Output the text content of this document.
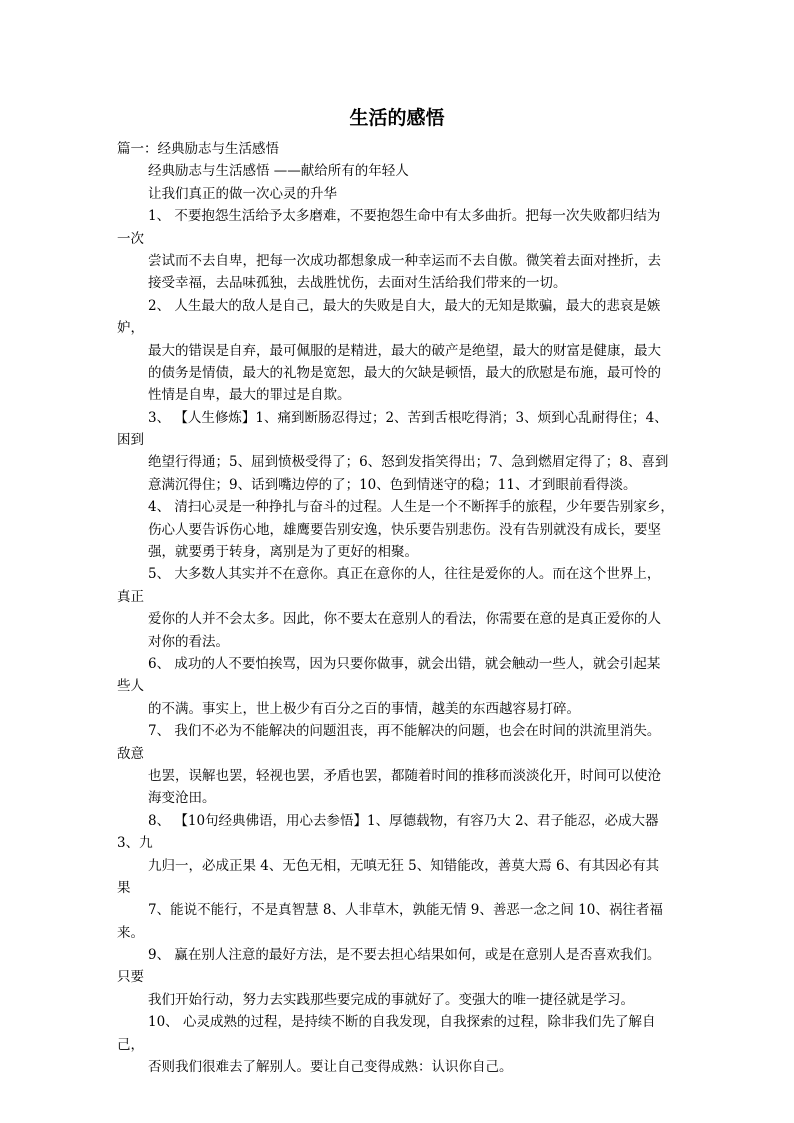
生活的感悟
篇一：经典励志与生活感悟
经典励志与生活感悟 ——献给所有的年轻人
让我们真正的做一次心灵的升华
1、 不要抱怨生活给予太多磨难，不要抱怨生命中有太多曲折。把每一次失败都归结为
一次
尝试而不去自卑，把每一次成功都想象成一种幸运而不去自傲。微笑着去面对挫折，去
接受幸福，去品味孤独，去战胜忧伤，去面对生活给我们带来的一切。
2、 人生最大的敌人是自己，最大的失败是自大，最大的无知是欺骗，最大的悲哀是嫉
妒，
最大的错误是自弃，最可佩服的是精进，最大的破产是绝望，最大的财富是健康，最大
的债务是情债，最大的礼物是宽恕，最大的欠缺是顿悟，最大的欣慰是布施，最可怜的
性情是自卑，最大的罪过是自欺。
3、 【人生修炼】1、痛到断肠忍得过；2、苦到舌根吃得消；3、烦到心乱耐得住；4、
困到
绝望行得通；5、屈到愤极受得了；6、怒到发指笑得出；7、急到燃眉定得了；8、喜到
意满沉得住；9、话到嘴边停的了；10、色到情迷守的稳；11、才到眼前看得淡。
4、 清扫心灵是一种挣扎与奋斗的过程。人生是一个不断挥手的旅程，少年要告别家乡，
伤心人要告诉伤心地，雄鹰要告别安逸，快乐要告别悲伤。没有告别就没有成长，要坚
强，就要勇于转身，离别是为了更好的相聚。
5、 大多数人其实并不在意你。真正在意你的人，往往是爱你的人。而在这个世界上，
真正
爱你的人并不会太多。因此，你不要太在意别人的看法，你需要在意的是真正爱你的人
对你的看法。
6、 成功的人不要怕挨骂，因为只要你做事，就会出错，就会触动一些人，就会引起某
些人
的不满。事实上，世上极少有百分之百的事情，越美的东西越容易打碎。
7、 我们不必为不能解决的问题沮丧，再不能解决的问题，也会在时间的洪流里消失。
敌意
也罢，误解也罢，轻视也罢，矛盾也罢，都随着时间的推移而淡淡化开，时间可以使沧
海变沧田。
8、 【10句经典佛语，用心去参悟】1、厚德载物，有容乃大 2、君子能忍，必成大器
3、九
九归一，必成正果 4、无色无相，无嗔无狂 5、知错能改，善莫大焉 6、有其因必有其
果
7、能说不能行，不是真智慧 8、人非草木，孰能无情 9、善恶一念之间 10、祸往者福
来。
9、 赢在别人注意的最好方法，是不要去担心结果如何，或是在意别人是否喜欢我们。
只要
我们开始行动，努力去实践那些要完成的事就好了。变强大的唯一捷径就是学习。
10、 心灵成熟的过程，是持续不断的自我发现，自我探索的过程，除非我们先了解自
己，
否则我们很难去了解别人。要让自己变得成熟：认识你自己。
